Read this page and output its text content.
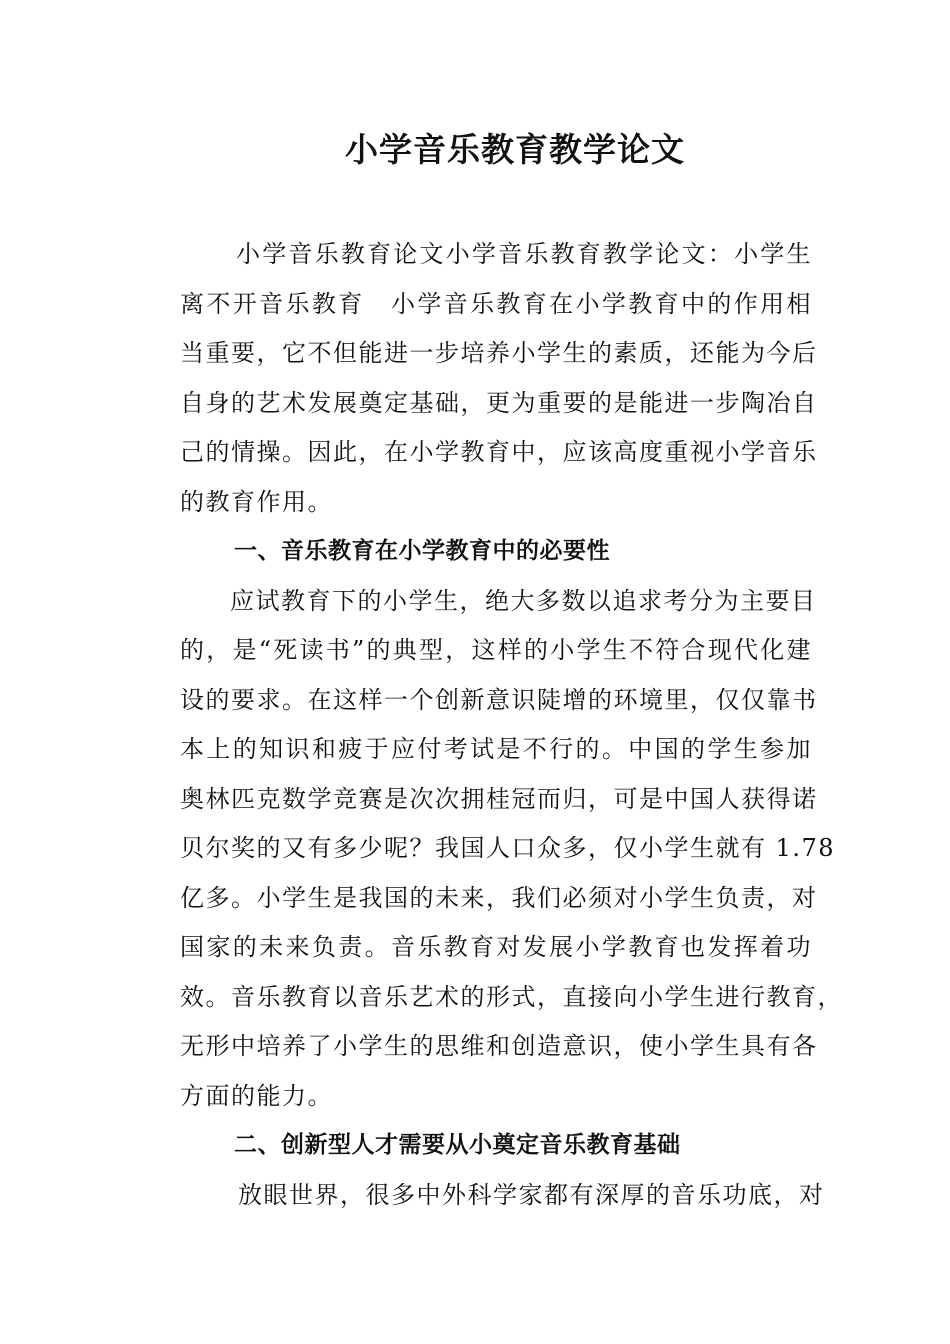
小学音乐教育教学论文

小学音乐教育论文小学音乐教育教学论文：小学生

离不开音乐教育　小学音乐教育在小学教育中的作用相

当重要，它不但能进一步培养小学生的素质，还能为今后

自身的艺术发展奠定基础，更为重要的是能进一步陶冶自

己的情操。因此，在小学教育中，应该高度重视小学音乐

的教育作用。

一、音乐教育在小学教育中的必要性

应试教育下的小学生，绝大多数以追求考分为主要目

的，是“死读书”的典型，这样的小学生不符合现代化建

设的要求。在这样一个创新意识陡增的环境里，仅仅靠书

本上的知识和疲于应付考试是不行的。中国的学生参加

奥林匹克数学竞赛是次次拥桂冠而归，可是中国人获得诺

贝尔奖的又有多少呢？我国人口众多，仅小学生就有 1.78

亿多。小学生是我国的未来，我们必须对小学生负责，对

国家的未来负责。音乐教育对发展小学教育也发挥着功

效。音乐教育以音乐艺术的形式，直接向小学生进行教育，

无形中培养了小学生的思维和创造意识，使小学生具有各

方面的能力。

二、创新型人才需要从小奠定音乐教育基础

放眼世界，很多中外科学家都有深厚的音乐功底，对
